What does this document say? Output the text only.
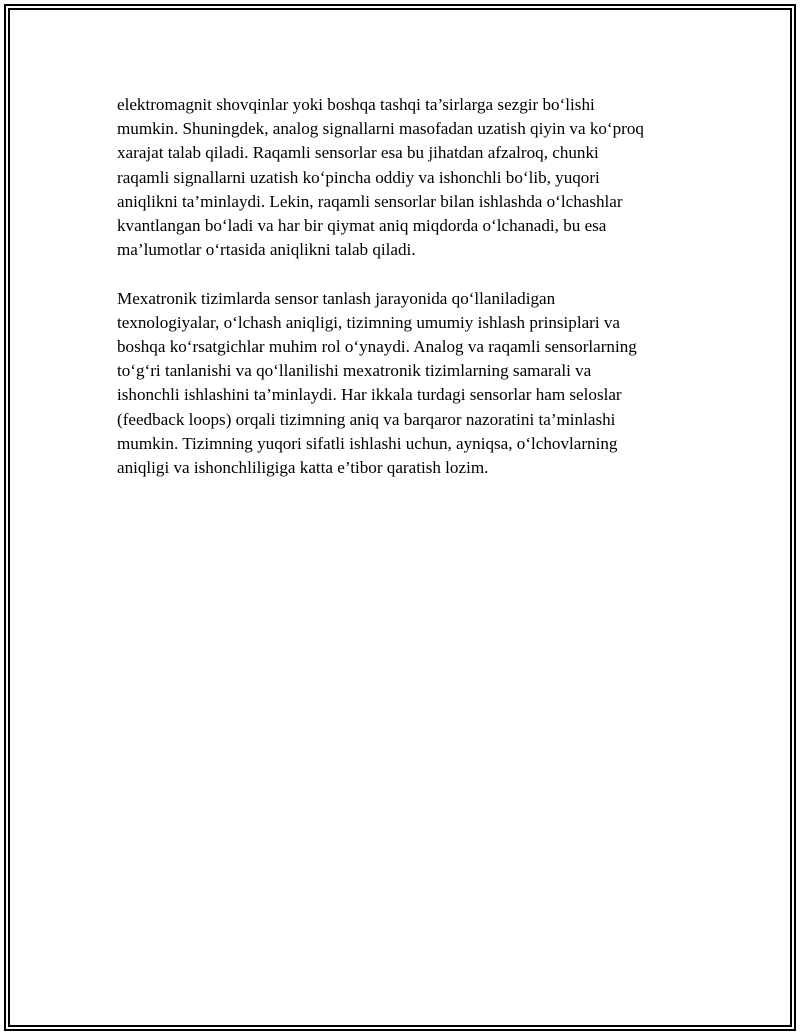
elektromagnit shovqinlar yoki boshqa tashqi ta’sirlarga sezgir bo‘lishi
mumkin. Shuningdek, analog signallarni masofadan uzatish qiyin va ko‘proq
xarajat talab qiladi. Raqamli sensorlar esa bu jihatdan afzalroq, chunki
raqamli signallarni uzatish ko‘pincha oddiy va ishonchli bo‘lib, yuqori
aniqlikni ta’minlaydi. Lekin, raqamli sensorlar bilan ishlashda o‘lchashlar
kvantlangan bo‘ladi va har bir qiymat aniq miqdorda o‘lchanadi, bu esa
ma’lumotlar o‘rtasida aniqlikni talab qiladi.

Mexatronik tizimlarda sensor tanlash jarayonida qo‘llaniladigan
texnologiyalar, o‘lchash aniqligi, tizimning umumiy ishlash prinsiplari va
boshqa ko‘rsatgichlar muhim rol o‘ynaydi. Analog va raqamli sensorlarning
to‘g‘ri tanlanishi va qo‘llanilishi mexatronik tizimlarning samarali va
ishonchli ishlashini ta’minlaydi. Har ikkala turdagi sensorlar ham seloslar
(feedback loops) orqali tizimning aniq va barqaror nazoratini ta’minlashi
mumkin. Tizimning yuqori sifatli ishlashi uchun, ayniqsa, o‘lchovlarning
aniqligi va ishonchliligiga katta e’tibor qaratish lozim.
